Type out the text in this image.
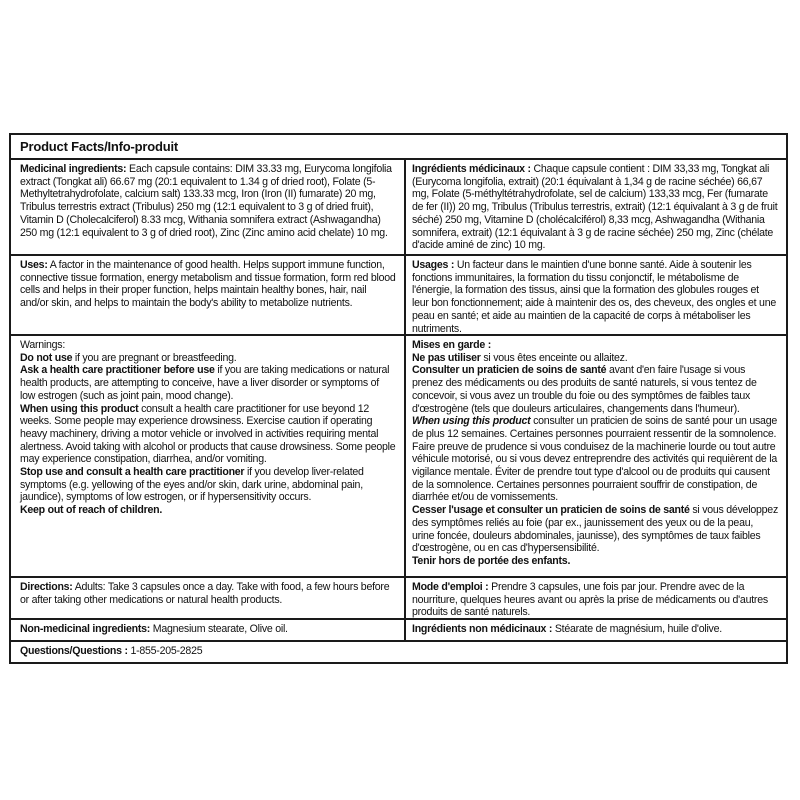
Product Facts/Info-produit

Medicinal ingredients: Each capsule contains: DIM 33.33 mg, Eurycoma longifolia extract (Tongkat ali) 66.67 mg (20:1 equivalent to 1.34 g of dried root), Folate (5-Methyltetrahydrofolate, calcium salt) 133.33 mcg, Iron (Iron (II) fumarate) 20 mg, Tribulus terrestris extract (Tribulus) 250 mg (12:1 equivalent to 3 g of dried fruit), Vitamin D (Cholecalciferol) 8.33 mcg, Withania somnifera extract (Ashwagandha) 250 mg (12:1 equivalent to 3 g of dried root), Zinc (Zinc amino acid chelate) 10 mg.

Ingrédients médicinaux : Chaque capsule contient : DIM 33,33 mg, Tongkat ali (Eurycoma longifolia, extrait) (20:1 équivalant à 1,34 g de racine séchée) 66,67 mg, Folate (5-méthyltétrahydrofolate, sel de calcium) 133,33 mcg, Fer (fumarate de fer (II)) 20 mg, Tribulus (Tribulus terrestris, extrait) (12:1 équivalant à 3 g de fruit séché) 250 mg, Vitamine D (cholécalciférol) 8,33 mcg, Ashwagandha (Withania somnifera, extrait) (12:1 équivalant à 3 g de racine séchée) 250 mg, Zinc (chélate d'acide aminé de zinc) 10 mg.

Uses: A factor in the maintenance of good health. Helps support immune function, connective tissue formation, energy metabolism and tissue formation, form red blood cells and helps in their proper function, helps maintain healthy bones, hair, nail and/or skin, and helps to maintain the body's ability to metabolize nutrients.

Usages : Un facteur dans le maintien d'une bonne santé. Aide à soutenir les fonctions immunitaires, la formation du tissu conjonctif, le métabolisme de l'énergie, la formation des tissus, ainsi que la formation des globules rouges et leur bon fonctionnement; aide à maintenir des os, des cheveux, des ongles et une peau en santé; et aide au maintien de la capacité de corps à métaboliser les nutriments.

Warnings:

Do not use if you are pregnant or breastfeeding.

Ask a health care practitioner before use if you are taking medications or natural health products, are attempting to conceive, have a liver disorder or symptoms of low estrogen (such as joint pain, mood change).

When using this product consult a health care practitioner for use beyond 12 weeks. Some people may experience drowsiness. Exercise caution if operating heavy machinery, driving a motor vehicle or involved in activities requiring mental alertness. Avoid taking with alcohol or products that cause drowsiness. Some people may experience constipation, diarrhea, and/or vomiting.

Stop use and consult a health care practitioner if you develop liver-related symptoms (e.g. yellowing of the eyes and/or skin, dark urine, abdominal pain, jaundice), symptoms of low estrogen, or if hypersensitivity occurs.

Keep out of reach of children.

Mises en garde :

Ne pas utiliser si vous êtes enceinte ou allaitez.

Consulter un praticien de soins de santé avant d'en faire l'usage si vous prenez des médicaments ou des produits de santé naturels, si vous tentez de concevoir, si vous avez un trouble du foie ou des symptômes de faibles taux d'œstrogène (tels que douleurs articulaires, changements dans l'humeur).

When using this product consulter un praticien de soins de santé pour un usage de plus 12 semaines. Certaines personnes pourraient ressentir de la somnolence. Faire preuve de prudence si vous conduisez de la machinerie lourde ou tout autre véhicule motorisé, ou si vous devez entreprendre des activités qui requièrent de la vigilance mentale. Éviter de prendre tout type d'alcool ou de produits qui causent de la somnolence. Certaines personnes pourraient souffrir de constipation, de diarrhée et/ou de vomissements.

Cesser l'usage et consulter un praticien de soins de santé si vous développez des symptômes reliés au foie (par ex., jaunissement des yeux ou de la peau, urine foncée, douleurs abdominales, jaunisse), des symptômes de taux faibles d'œstrogène, ou en cas d'hypersensibilité.

Tenir hors de portée des enfants.

Directions: Adults: Take 3 capsules once a day. Take with food, a few hours before or after taking other medications or natural health products.

Mode d'emploi : Prendre 3 capsules, une fois par jour. Prendre avec de la nourriture, quelques heures avant ou après la prise de médicaments ou d'autres produits de santé naturels.

Non-medicinal ingredients: Magnesium stearate, Olive oil.	Ingrédients non médicinaux : Stéarate de magnésium, huile d'olive.

Questions/Questions : 1-855-205-2825
